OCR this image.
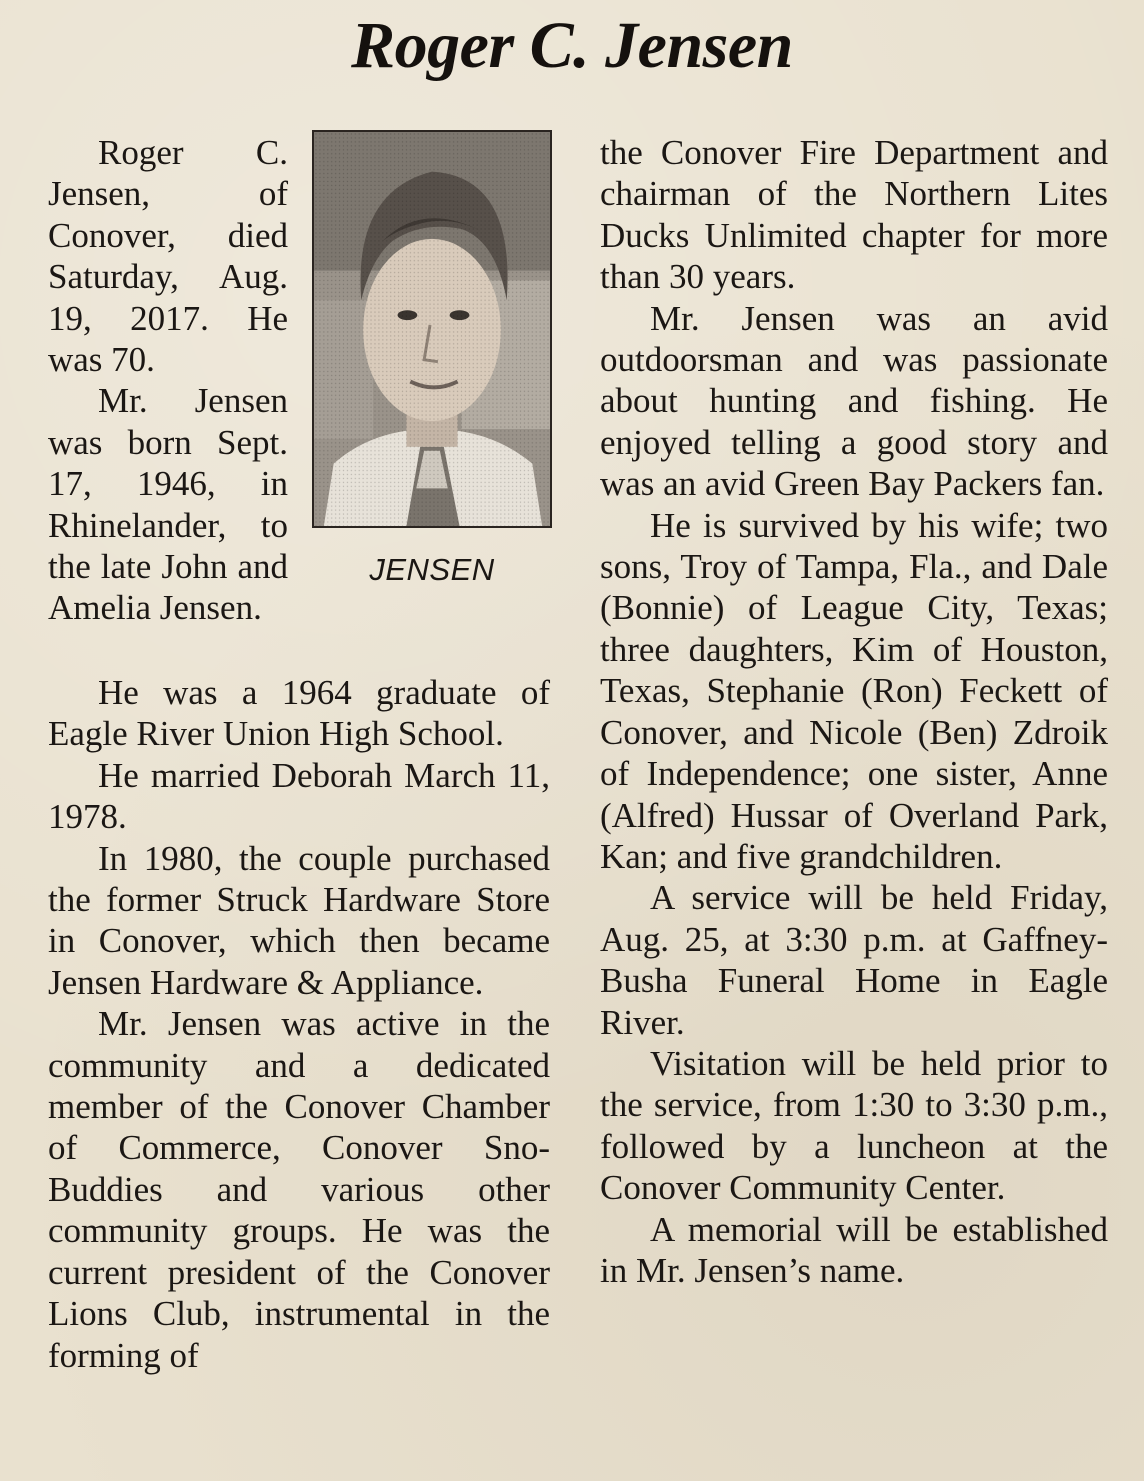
Roger C. Jensen

Roger C. Jensen, of Conover, died Saturday, Aug. 19, 2017. He was 70.

Mr. Jensen was born Sept. 17, 1946, in Rhinelander, to the late John and Amelia Jensen.

JENSEN

He was a 1964 graduate of Eagle River Union High School.

He married Deborah March 11, 1978.

In 1980, the couple purchased the former Struck Hardware Store in Conover, which then became Jensen Hardware & Appliance.

Mr. Jensen was active in the community and a dedicated member of the Conover Chamber of Commerce, Conover Sno-Buddies and various other community groups. He was the current president of the Conover Lions Club, instrumental in the forming of

the Conover Fire Department and chairman of the Northern Lites Ducks Unlimited chapter for more than 30 years.

Mr. Jensen was an avid outdoorsman and was passionate about hunting and fishing. He enjoyed telling a good story and was an avid Green Bay Packers fan.

He is survived by his wife; two sons, Troy of Tampa, Fla., and Dale (Bonnie) of League City, Texas; three daughters, Kim of Houston, Texas, Stephanie (Ron) Feckett of Conover, and Nicole (Ben) Zdroik of Independence; one sister, Anne (Alfred) Hussar of Overland Park, Kan; and five grandchildren.

A service will be held Friday, Aug. 25, at 3:30 p.m. at Gaffney-Busha Funeral Home in Eagle River.

Visitation will be held prior to the service, from 1:30 to 3:30 p.m., followed by a luncheon at the Conover Community Center.

A memorial will be established in Mr. Jensen’s name.
